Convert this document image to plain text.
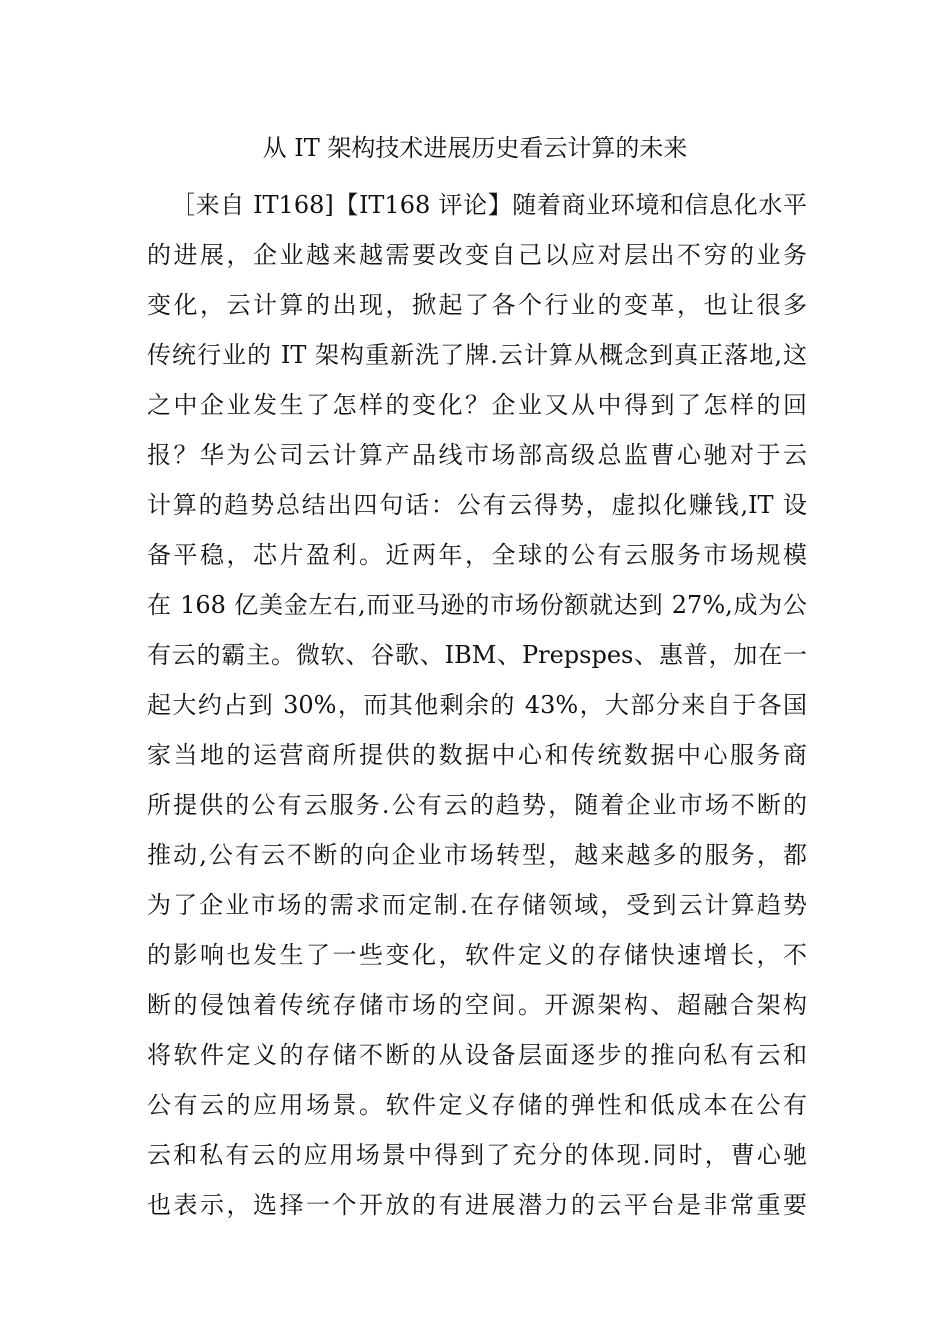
从 IT 架构技术进展历史看云计算的未来
［来自 IT168]【IT168 评论】随着商业环境和信息化水平
的进展，企业越来越需要改变自己以应对层出不穷的业务
变化，云计算的出现，掀起了各个行业的变革，也让很多
传统行业的 IT 架构重新洗了牌.云计算从概念到真正落地,这
之中企业发生了怎样的变化？企业又从中得到了怎样的回
报？华为公司云计算产品线市场部高级总监曹心驰对于云
计算的趋势总结出四句话：公有云得势，虚拟化赚钱,IT 设
备平稳，芯片盈利。近两年，全球的公有云服务市场规模
在 168 亿美金左右,而亚马逊的市场份额就达到 27%,成为公
有云的霸主。微软、谷歌、IBM、Prepspes、惠普，加在一
起大约占到 30%，而其他剩余的 43%，大部分来自于各国
家当地的运营商所提供的数据中心和传统数据中心服务商
所提供的公有云服务.公有云的趋势，随着企业市场不断的
推动,公有云不断的向企业市场转型，越来越多的服务，都
为了企业市场的需求而定制.在存储领域，受到云计算趋势
的影响也发生了一些变化，软件定义的存储快速增长，不
断的侵蚀着传统存储市场的空间。开源架构、超融合架构
将软件定义的存储不断的从设备层面逐步的推向私有云和
公有云的应用场景。软件定义存储的弹性和低成本在公有
云和私有云的应用场景中得到了充分的体现.同时，曹心驰
也表示，选择一个开放的有进展潜力的云平台是非常重要
